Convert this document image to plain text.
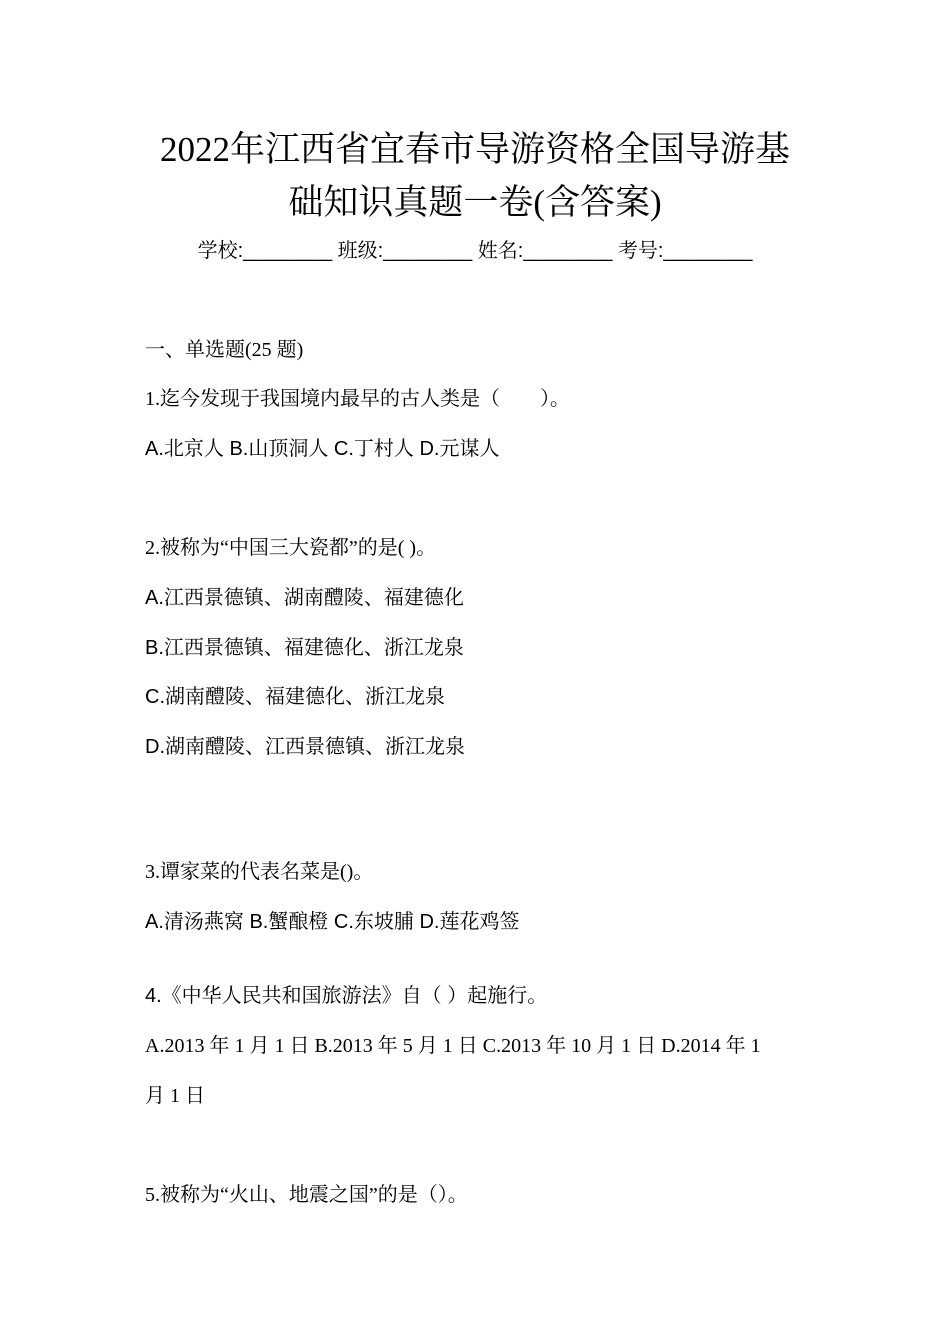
2022年江西省宜春市导游资格全国导游基
础知识真题一卷(含答案)
学校:________ 班级:________ 姓名:________ 考号:________
一、单选题(25 题)
1.迄今发现于我国境内最早的古人类是（　　）。
A.北京人 B.山顶洞人 C.丁村人 D.元谋人
2.被称为“中国三大瓷都”的是( )。
A.江西景德镇、湖南醴陵、福建德化
B.江西景德镇、福建德化、浙江龙泉
C.湖南醴陵、福建德化、浙江龙泉
D.湖南醴陵、江西景德镇、浙江龙泉
3.谭家菜的代表名菜是()。
A.清汤燕窝 B.蟹酿橙 C.东坡脯 D.莲花鸡签
4.《中华人民共和国旅游法》自（ ）起施行。
A.2013 年 1 月 1 日 B.2013 年 5 月 1 日 C.2013 年 10 月 1 日 D.2014 年 1
月 1 日
5.被称为“火山、地震之国”的是（）。
